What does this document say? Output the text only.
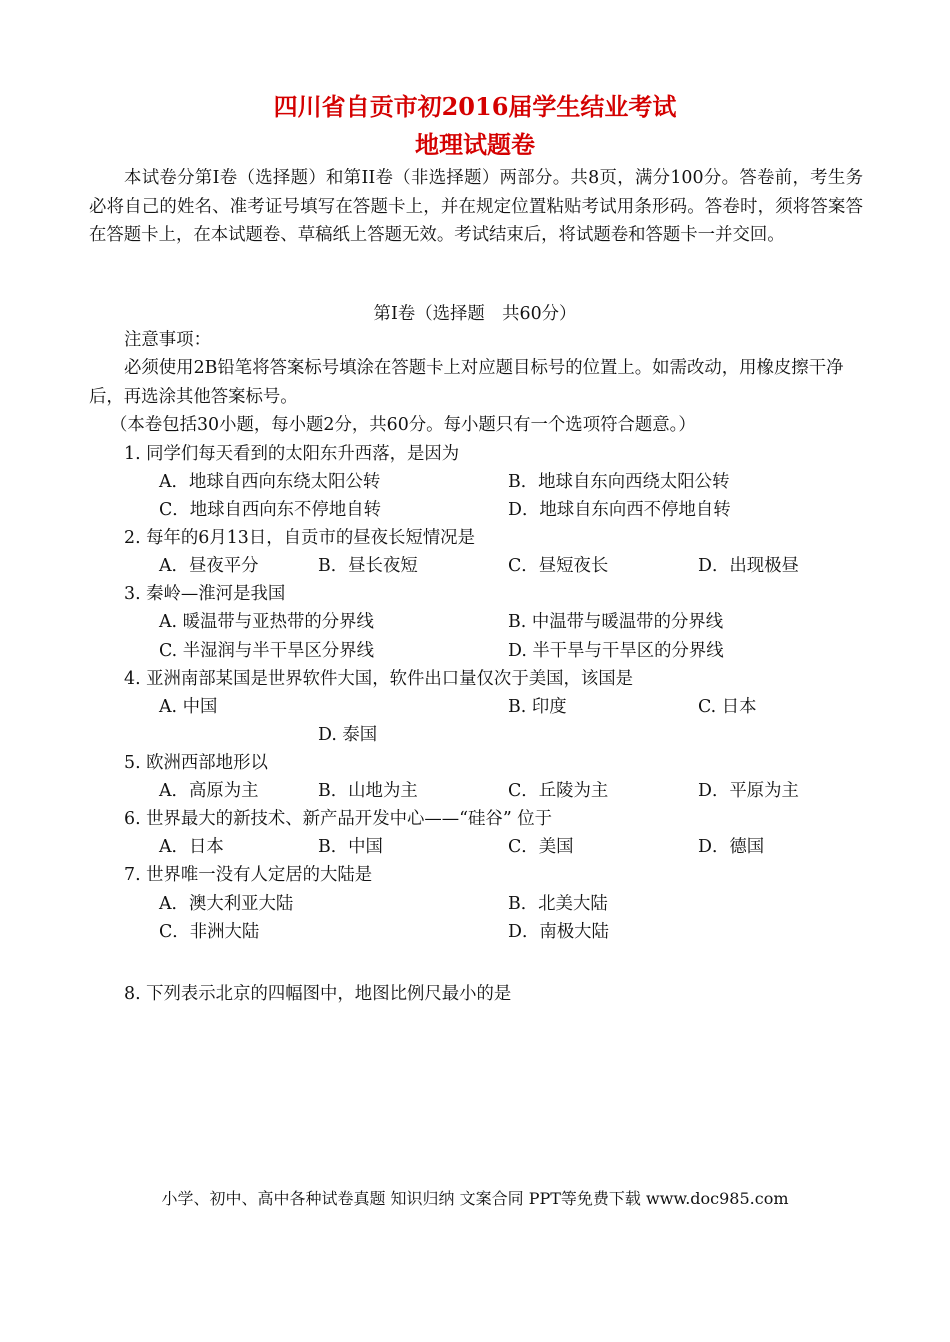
四川省自贡市初2016届学生结业考试
地理试题卷

本试卷分第Ⅰ卷（选择题）和第II卷（非选择题）两部分。共8页，满分100分。答卷前，考生务必将自己的姓名、准考证号填写在答题卡上，并在规定位置粘贴考试用条形码。答卷时，须将答案答在答题卡上，在本试题卷、草稿纸上答题无效。考试结束后，将试题卷和答题卡一并交回。

第Ⅰ卷（选择题　共60分）
注意事项：

必须使用2B铅笔将答案标号填涂在答题卡上对应题目标号的位置上。如需改动，用橡皮擦干净后，再选涂其他答案标号。

（本卷包括30小题，每小题2分，共60分。每小题只有一个选项符合题意。）
1. 同学们每天看到的太阳东升西落，是因为
A．地球自西向东绕太阳公转	B．地球自东向西绕太阳公转
C．地球自西向东不停地自转	D．地球自东向西不停地自转
2. 每年的6月13日，自贡市的昼夜长短情况是
A．昼夜平分	B．昼长夜短	C．昼短夜长	D．出现极昼
3. 秦岭—淮河是我国
A. 暖温带与亚热带的分界线	B. 中温带与暖温带的分界线
C. 半湿润与半干旱区分界线	D. 半干旱与干旱区的分界线
4. 亚洲南部某国是世界软件大国，软件出口量仅次于美国，该国是
A. 中国	B. 印度	C. 日本
D. 泰国
5. 欧洲西部地形以
A．高原为主	B．山地为主	C．丘陵为主	D．平原为主
6. 世界最大的新技术、新产品开发中心——“硅谷” 位于
A．日本	B．中国	C．美国	D．德国
7. 世界唯一没有人定居的大陆是
A．澳大利亚大陆	B．北美大陆
C．非洲大陆	D．南极大陆
8. 下列表示北京的四幅图中，地图比例尺最小的是
小学、初中、高中各种试卷真题 知识归纳 文案合同 PPT等免费下载 www.doc985.com
